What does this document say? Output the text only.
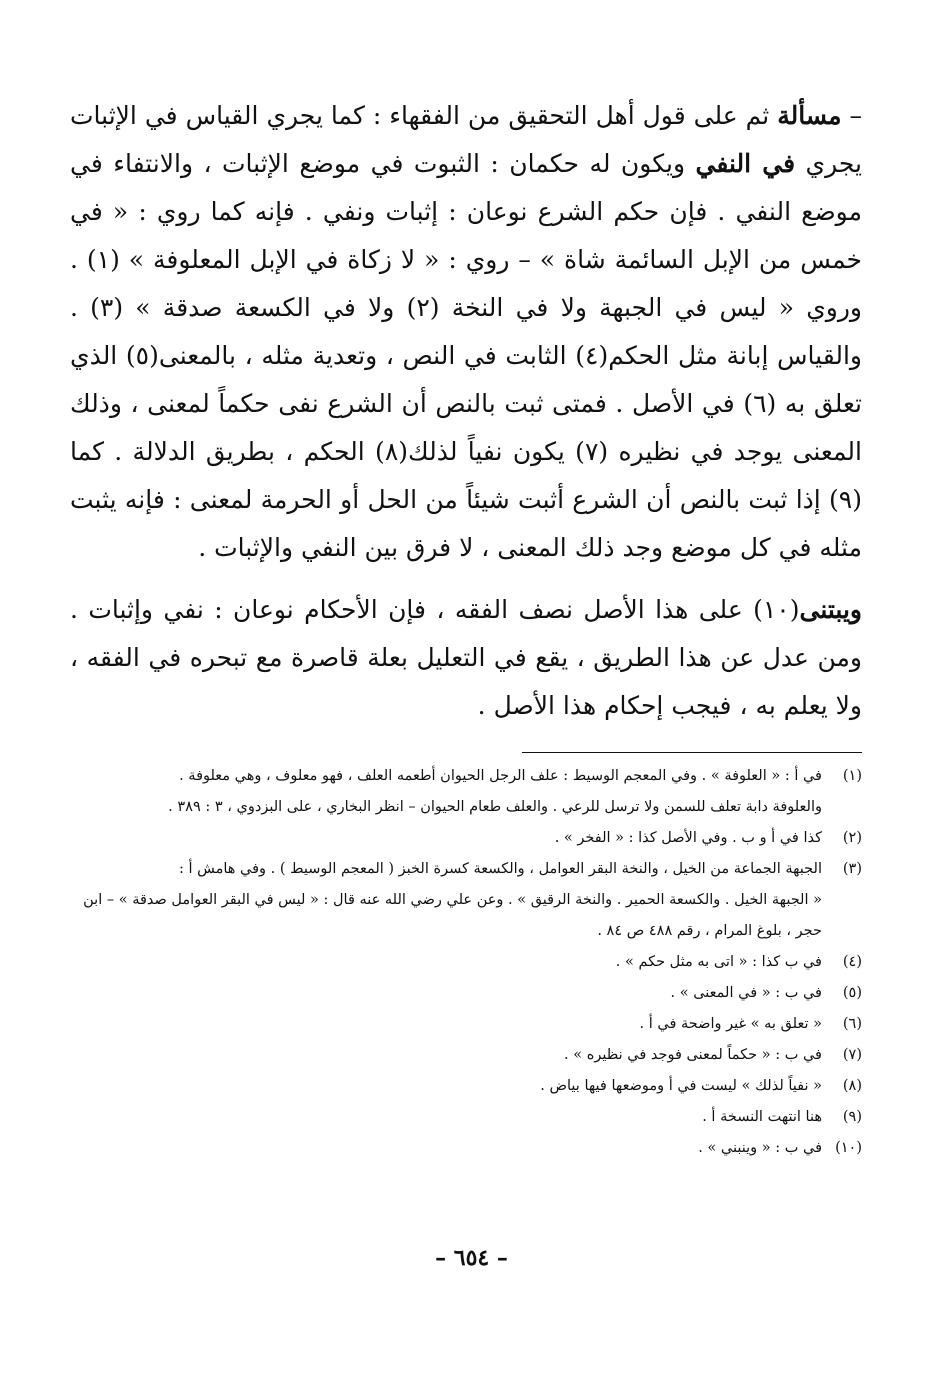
– مسألة ثم على قول أهل التحقيق من الفقهاء : كما يجري القياس في الإثبات يجري في النفي ويكون له حكمان : الثبوت في موضع الإثبات ، والانتفاء في موضع النفي . فإن حكم الشرع نوعان : إثبات ونفي . فإنه كما روي : « في خمس من الإبل السائمة شاة » – روي : « لا زكاة في الإبل المعلوفة » (١) . وروي « ليس في الجبهة ولا في النخة (٢) ولا في الكسعة صدقة » (٣) . والقياس إبانة مثل الحكم(٤) الثابت في النص ، وتعدية مثله ، بالمعنى(٥) الذي تعلق به (٦) في الأصل . فمتى ثبت بالنص أن الشرع نفى حكماً لمعنى ، وذلك المعنى يوجد في نظيره (٧) يكون نفياً لذلك(٨) الحكم ، بطريق الدلالة . كما (٩) إذا ثبت بالنص أن الشرع أثبت شيئاً من الحل أو الحرمة لمعنى : فإنه يثبت مثله في كل موضع وجد ذلك المعنى ، لا فرق بين النفي والإثبات .

ويبتنى(١٠) على هذا الأصل نصف الفقه ، فإن الأحكام نوعان : نفي وإثبات . ومن عدل عن هذا الطريق ، يقع في التعليل بعلة قاصرة مع تبحره في الفقه ، ولا يعلم به ، فيجب إحكام هذا الأصل .

(١)في أ : « العلوفة » . وفي المعجم الوسيط : علف الرجل الحيوان أطعمه العلف ، فهو معلوف ، وهي معلوفة .
والعلوفة دابة تعلف للسمن ولا ترسل للرعي . والعلف طعام الحيوان – انظر البخاري ، على البزدوي ، ٣ : ٣٨٩ .
(٢)كذا في أ و ب . وفي الأصل كذا : « الفخر » .
(٣)الجبهة الجماعة من الخيل ، والنخة البقر العوامل ، والكسعة كسرة الخبز ( المعجم الوسيط ) . وفي هامش أ :
« الجبهة الخيل . والكسعة الحمير . والنخة الرقيق » . وعن علي رضي الله عنه قال : « ليس في البقر العوامل صدقة » – ابن حجر ، بلوغ المرام ، رقم ٤٨٨ ص ٨٤ .
(٤)في ب كذا : « اتى به مثل حكم » .
(٥)في ب : « في المعنى » .
(٦)« تعلق به » غير واضحة في أ .
(٧)في ب : « حكماً لمعنى فوجد في نظيره » .
(٨)« نفياً لذلك » ليست في أ وموضعها فيها بياض .
(٩)هنا انتهت النسخة أ .
(١٠)في ب : « وينبني » .
– ٦٥٤ –
